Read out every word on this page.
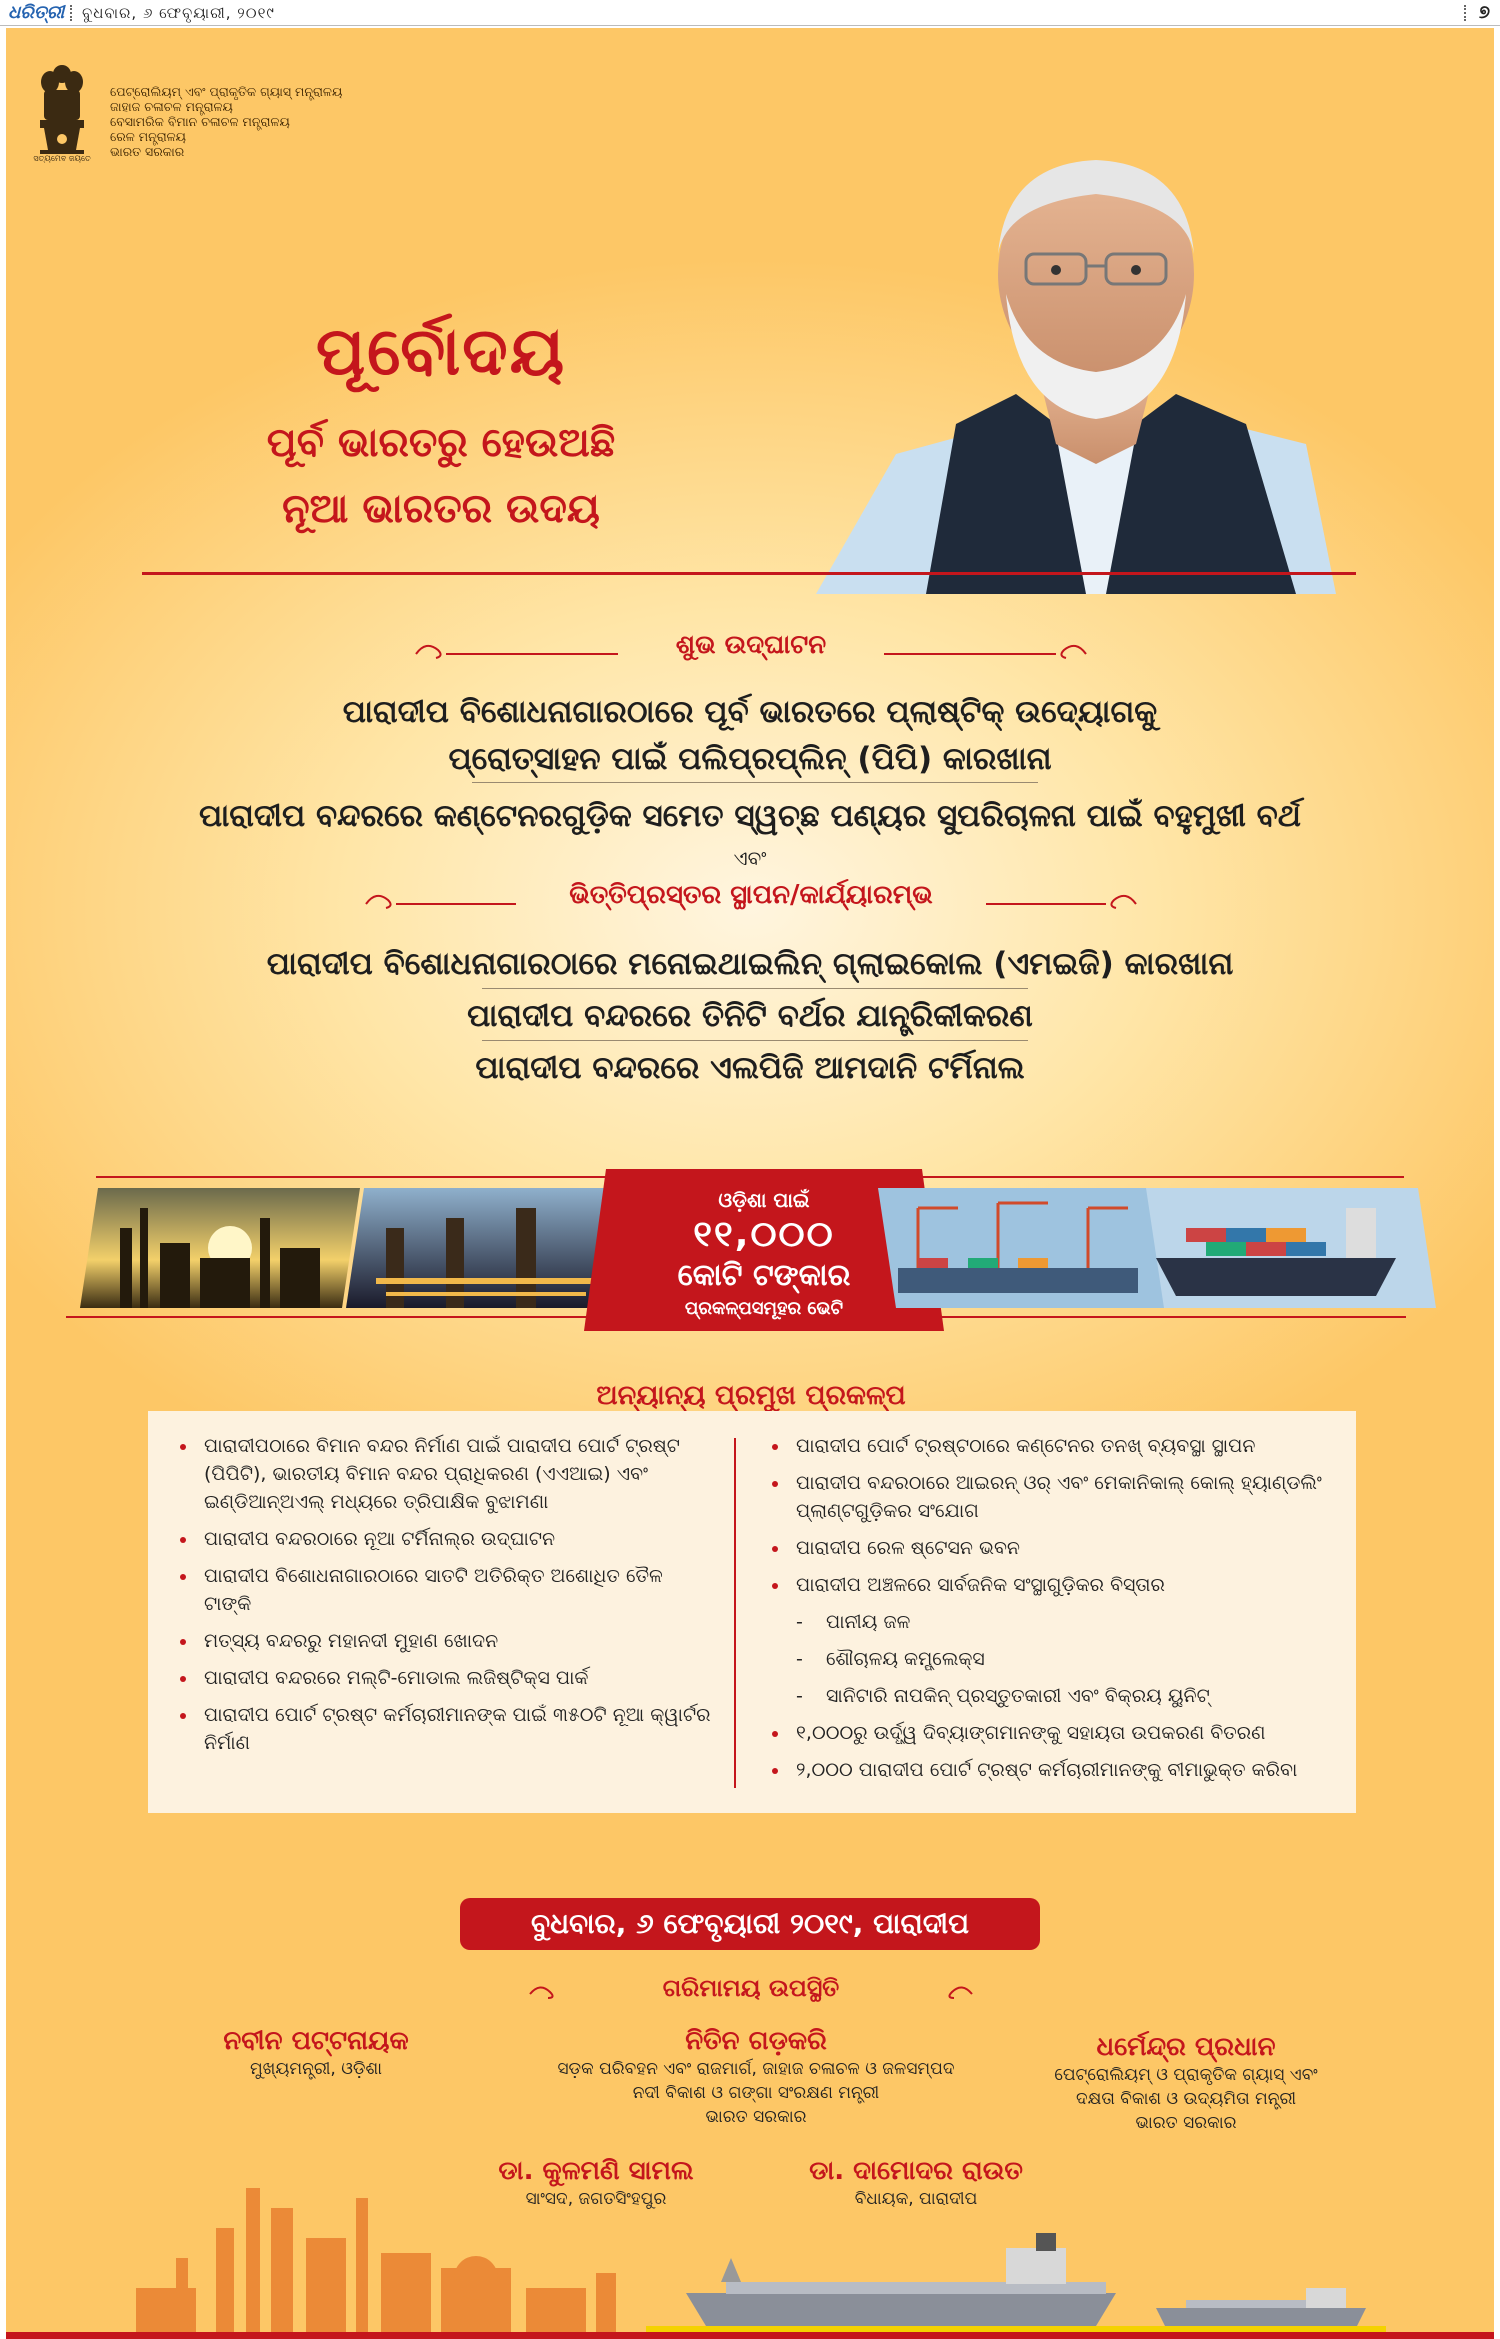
ଧରିତ୍ରୀ ବୁଧବାର, ୬ ଫେବୃୟାରୀ, ୨୦୧୯	୭
ସତ୍ୟମେବ ଜୟତେ
ପେଟ୍ରୋଲିୟମ୍ ଏବଂ ପ୍ରାକୃତିକ ଗ୍ୟାସ୍ ମନ୍ତ୍ରାଳୟ
ଜାହାଜ ଚଳାଚଳ ମନ୍ତ୍ରାଳୟ
ବେସାମରିକ ବିମାନ ଚଳାଚଳ ମନ୍ତ୍ରାଳୟ
ରେଳ ମନ୍ତ୍ରାଳୟ
ଭାରତ ସରକାର
ପୂର୍ବୋଦୟ
ପୂର୍ବ ଭାରତରୁ ହେଉଅଛି
ନୂଆ ଭାରତର ଉଦୟ
ଶୁଭ ଉଦ୍‌ଘାଟନ
ପାରାଦୀପ ବିଶୋଧନାଗାରଠାରେ ପୂର୍ବ ଭାରତରେ ପ୍ଲାଷ୍ଟିକ୍ ଉଦ୍ୟୋଗକୁ
ପ୍ରୋତ୍ସାହନ ପାଇଁ ପଲିପ୍ରପ୍ଲିନ୍ (ପିପି) କାରଖାନା
ପାରାଦୀପ ବନ୍ଦରରେ କଣ୍ଟେନରଗୁଡ଼ିକ ସମେତ ସ୍ୱଚ୍ଛ ପଣ୍ୟର ସୁପରିଚାଳନା ପାଇଁ ବହୁମୁଖୀ ବର୍ଥ
ଏବଂ
ଭିତ୍ତିପ୍ରସ୍ତର ସ୍ଥାପନ/କାର୍ଯ୍ୟାରମ୍ଭ
ପାରାଦୀପ ବିଶୋଧନାଗାରଠାରେ ମନୋଇଥାଇଲିନ୍ ଗ୍ଲାଇକୋଲ (ଏମଇଜି) କାରଖାନା
ପାରାଦୀପ ବନ୍ଦରରେ ତିନିଟି ବର୍ଥର ଯାନ୍ତ୍ରିକୀକରଣ
ପାରାଦୀପ ବନ୍ଦରରେ ଏଲପିଜି ଆମଦାନି ଟର୍ମିନାଲ
ଓଡ଼ିଶା ପାଇଁ
୧୧,୦୦୦
କୋଟି ଟଙ୍କାର
ପ୍ରକଳ୍ପସମୂହର ଭେଟି
ଅନ୍ୟାନ୍ୟ ପ୍ରମୁଖ ପ୍ରକଳ୍ପ
ପାରାଦୀପଠାରେ ବିମାନ ବନ୍ଦର ନିର୍ମାଣ ପାଇଁ ପାରାଦୀପ ପୋର୍ଟ ଟ୍ରଷ୍ଟ (ପିପିଟି), ଭାରତୀୟ ବିମାନ ବନ୍ଦର ପ୍ରାଧିକରଣ (ଏଏଆଇ) ଏବଂ ଇଣ୍ଡିଆନ୍‌ଅଏଲ୍ ମଧ୍ୟରେ ତ୍ରିପାକ୍ଷିକ ବୁଝାମଣା
ପାରାଦୀପ ବନ୍ଦରଠାରେ ନୂଆ ଟର୍ମିନାଲ୍‌ର ଉଦ୍‌ଘାଟନ
ପାରାଦୀପ ବିଶୋଧନାଗାରଠାରେ ସାତଟି ଅତିରିକ୍ତ ଅଶୋଧିତ ତୈଳ ଟାଙ୍କି
ମତ୍ସ୍ୟ ବନ୍ଦରରୁ ମହାନଦୀ ମୁହାଣ ଖୋଦନ
ପାରାଦୀପ ବନ୍ଦରରେ ମଲ୍ଟି-ମୋଡାଲ ଲଜିଷ୍ଟିକ୍ସ ପାର୍କ
ପାରାଦୀପ ପୋର୍ଟ ଟ୍ରଷ୍ଟ କର୍ମଚାରୀମାନଙ୍କ ପାଇଁ ୩୫୦ଟି ନୂଆ କ୍ୱାର୍ଟର ନିର୍ମାଣ
ପାରାଦୀପ ପୋର୍ଟ ଟ୍ରଷ୍ଟଠାରେ କଣ୍ଟେନର ତନଖ୍ ବ୍ୟବସ୍ଥା ସ୍ଥାପନ
ପାରାଦୀପ ବନ୍ଦରଠାରେ ଆଇରନ୍ ଓର୍ ଏବଂ ମେକାନିକାଲ୍ କୋଲ୍ ହ୍ୟାଣ୍ଡଲିଂ ପ୍ଲାଣ୍ଟଗୁଡ଼ିକର ସଂଯୋଗ
ପାରାଦୀପ ରେଳ ଷ୍ଟେସନ ଭବନ
ପାରାଦୀପ ଅଞ୍ଚଳରେ ସାର୍ବଜନିକ ସଂସ୍ଥାଗୁଡ଼ିକର ବିସ୍ତାର
- ପାନୀୟ ଜଳ
- ଶୌଚାଳୟ କମ୍ପ୍ଲେକ୍ସ
- ସାନିଟାରି ନାପକିନ୍ ପ୍ରସ୍ତୁତକାରୀ ଏବଂ ବିକ୍ରୟ ୟୁନିଟ୍
୧,୦୦୦ରୁ ଉର୍ଦ୍ଧ୍ୱ ଦିବ୍ୟାଙ୍ଗମାନଙ୍କୁ ସହାୟତା ଉପକରଣ ବିତରଣ
୨,୦୦୦ ପାରାଦୀପ ପୋର୍ଟ ଟ୍ରଷ୍ଟ କର୍ମଚାରୀମାନଙ୍କୁ ବୀମାଭୁକ୍ତ କରିବା
ବୁଧବାର, ୬ ଫେବୃୟାରୀ ୨୦୧୯, ପାରାଦୀପ
ଗରିମାମୟ ଉପସ୍ଥିତି
ନବୀନ ପଟ୍ଟନାୟକ
ମୁଖ୍ୟମନ୍ତ୍ରୀ, ଓଡ଼ିଶା
ନିତିନ ଗଡ଼କରି
ସଡ଼କ ପରିବହନ ଏବଂ ରାଜମାର୍ଗ, ଜାହାଜ ଚଳାଚଳ ଓ ଜଳସମ୍ପଦ
ନଦୀ ବିକାଶ ଓ ଗଙ୍ଗା ସଂରକ୍ଷଣ ମନ୍ତ୍ରୀ
ଭାରତ ସରକାର
ଧର୍ମେନ୍ଦ୍ର ପ୍ରଧାନ
ପେଟ୍ରୋଲିୟମ୍ ଓ ପ୍ରାକୃତିକ ଗ୍ୟାସ୍ ଏବଂ
ଦକ୍ଷତା ବିକାଶ ଓ ଉଦ୍ୟମିତା ମନ୍ତ୍ରୀ
ଭାରତ ସରକାର
ଡା. କୁଳମଣି ସାମଲ
ସାଂସଦ, ଜଗତସିଂହପୁର
ଡା. ଦାମୋଦର ରାଉତ
ବିଧାୟକ, ପାରାଦୀପ
